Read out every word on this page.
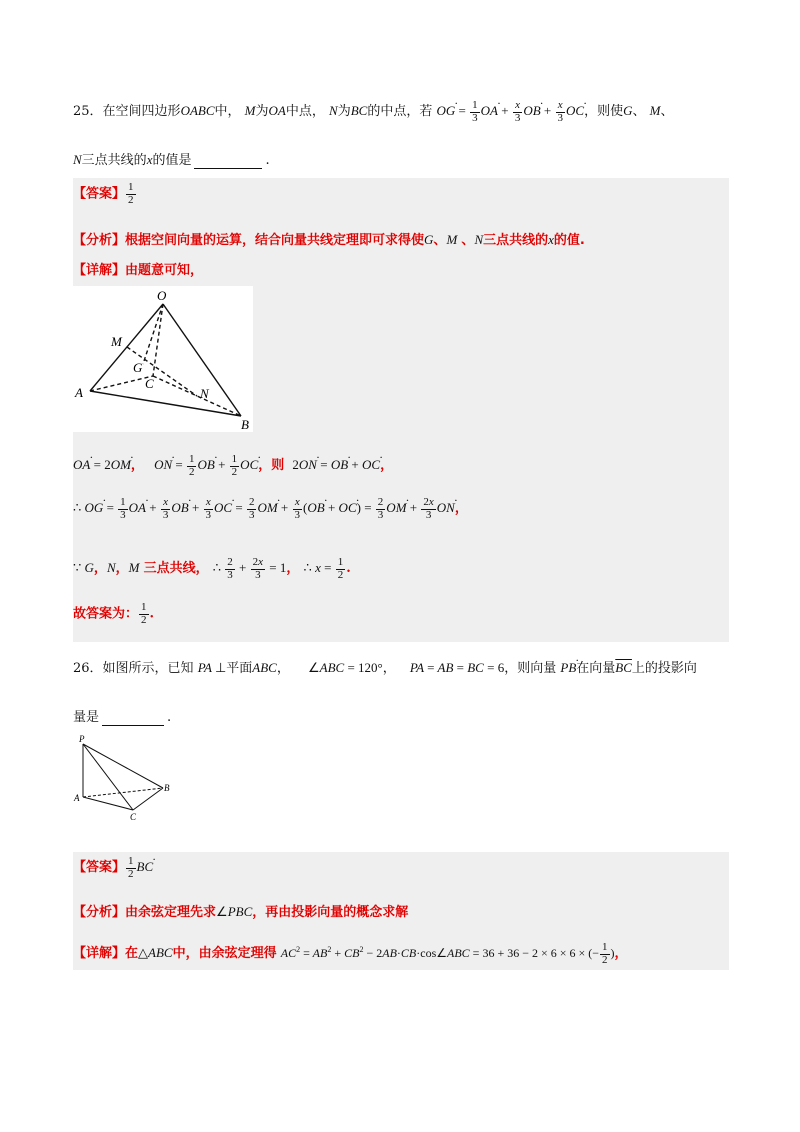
25．在空间四边形OABC中， M为OA中点， N为BC的中点，若 OG · = $\frac{1}{3}$ OA · + $\frac{x}{3}$ OB · + $\frac{x}{3}$ OC ·，则使G、 M、
N三点共线的x的值是	.
【答案】 $\frac{1}{2}$
【分析】根据空间向量的运算，结合向量共线定理即可求得使G、M 、N三点共线的x的值.
【详解】由题意可知，
O
M
G
C
A	N
B
OA · = 2OM ·， ON · = $\frac{1}{2}$ OB · + $\frac{1}{2}$ OC ·，则 2ON · = OB · + OC ·，
∴ OG · = $\frac{1}{3}$ OA · + $\frac{x}{3}$ OB · + $\frac{x}{3}$ OC · = $\frac{2}{3}$ OM · + $\frac{x}{3} (OB$ · + OC ·) = $\frac{2}{3}$ OM · + $\frac{2x}{3}$ ON ·，
∵ G，N，M 三点共线， ∴ $\frac{2}{3} + \frac{2x}{3} = 1$， ∴ $x = \frac{1}{2}$ .
故答案为： $\frac{1}{2}$ .
26．如图所示，已知 PA ⊥平面ABC， ∠ABC = 120°， PA = AB = BC = 6，则向量 PB ·在向量$\overline{BC}$上的投影向
量是	.
P
A
B
C
【答案】 $\frac{1}{2}$ BC ·
【分析】由余弦定理先求∠PBC，再由投影向量的概念求解
【详解】在△ABC中，由余弦定理得 $AC^2 = AB^2 + CB^2$ − 2AB·CB·cos∠ABC = 36 + 36 − 2 × 6 × 6 × (− $\frac{1}{2}$ )，
